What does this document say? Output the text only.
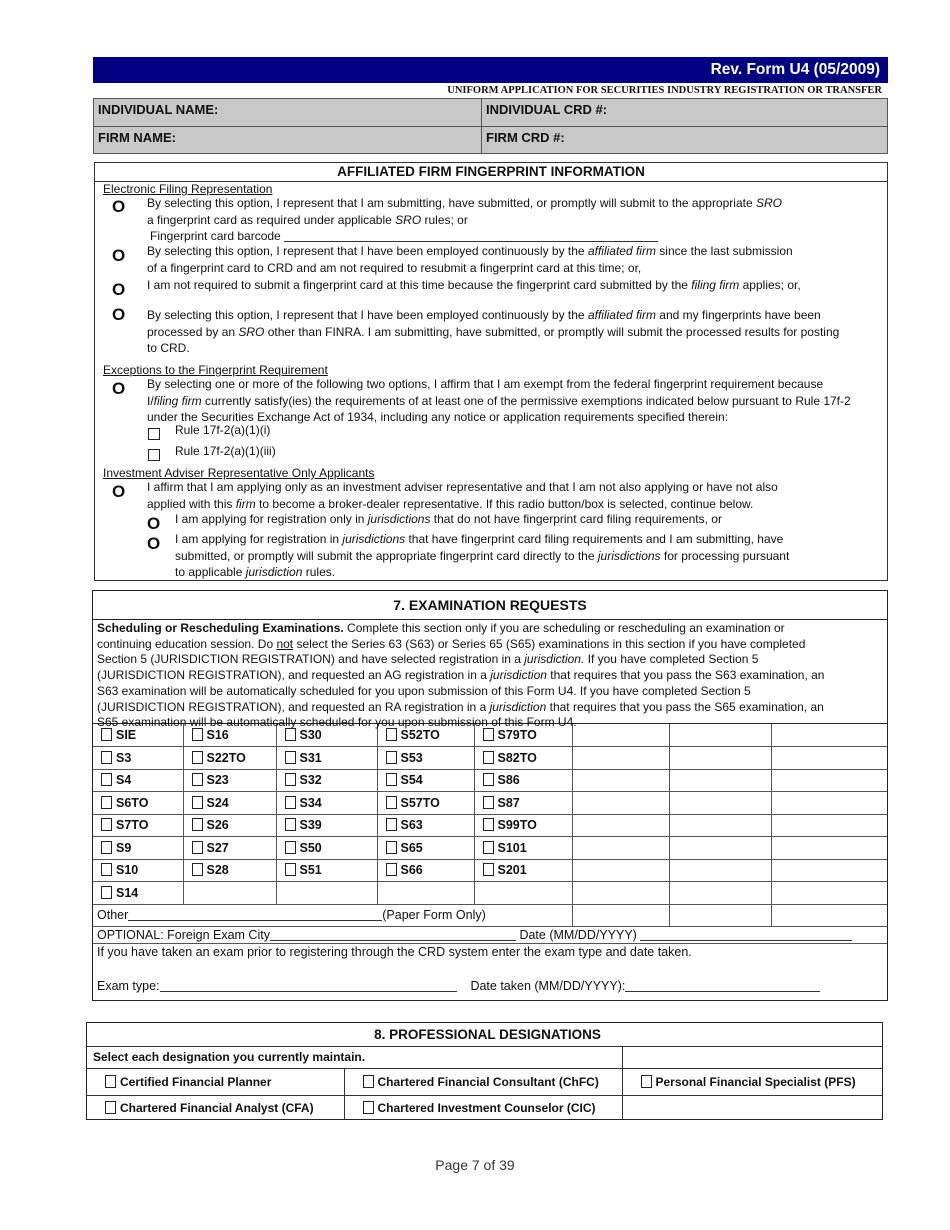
Rev. Form U4 (05/2009)
UNIFORM APPLICATION FOR SECURITIES INDUSTRY REGISTRATION OR TRANSFER
INDIVIDUAL NAME:	INDIVIDUAL CRD #:
FIRM NAME:	FIRM CRD #:
AFFILIATED FIRM FINGERPRINT INFORMATION
Electronic Filing Representation
O By selecting this option, I represent that I am submitting, have submitted, or promptly will submit to the appropriate SRO
a fingerprint card as required under applicable SRO rules; or
Fingerprint card barcode
O By selecting this option, I represent that I have been employed continuously by the affiliated firm since the last submission
of a fingerprint card to CRD and am not required to resubmit a fingerprint card at this time; or,
O I am not required to submit a fingerprint card at this time because the fingerprint card submitted by the filing firm applies; or,
O By selecting this option, I represent that I have been employed continuously by the affiliated firm and my fingerprints have been
processed by an SRO other than FINRA. I am submitting, have submitted, or promptly will submit the processed results for posting
to CRD.
Exceptions to the Fingerprint Requirement
O By selecting one or more of the following two options, I affirm that I am exempt from the federal fingerprint requirement because
I/filing firm currently satisfy(ies) the requirements of at least one of the permissive exemptions indicated below pursuant to Rule 17f-2
under the Securities Exchange Act of 1934, including any notice or application requirements specified therein:
Rule 17f-2(a)(1)(i)
Rule 17f-2(a)(1)(iii)
Investment Adviser Representative Only Applicants
O I affirm that I am applying only as an investment adviser representative and that I am not also applying or have not also
applied with this firm to become a broker-dealer representative. If this radio button/box is selected, continue below.
O I am applying for registration only in jurisdictions that do not have fingerprint card filing requirements, or
O I am applying for registration in jurisdictions that have fingerprint card filing requirements and I am submitting, have
submitted, or promptly will submit the appropriate fingerprint card directly to the jurisdictions for processing pursuant
to applicable jurisdiction rules.
7. EXAMINATION REQUESTS
Scheduling or Rescheduling Examinations. Complete this section only if you are scheduling or rescheduling an examination or
continuing education session. Do not select the Series 63 (S63) or Series 65 (S65) examinations in this section if you have completed
Section 5 (JURISDICTION REGISTRATION) and have selected registration in a jurisdiction. If you have completed Section 5
(JURISDICTION REGISTRATION), and requested an AG registration in a jurisdiction that requires that you pass the S63 examination, an
S63 examination will be automatically scheduled for you upon submission of this Form U4. If you have completed Section 5
(JURISDICTION REGISTRATION), and requested an RA registration in a jurisdiction that requires that you pass the S65 examination, an
S65 examination will be automatically scheduled for you upon submission of this Form U4.
SIE	S16	S30	S52TO	S79TO			
S3	S22TO	S31	S53	S82TO			
S4	S23	S32	S54	S86			
S6TO	S24	S34	S57TO	S87			
S7TO	S26	S39	S63	S99TO			
S9	S27	S50	S65	S101			
S10	S28	S51	S66	S201			
S14							
Other (Paper Form Only)							
OPTIONAL: Foreign Exam City Date (MM/DD/YYYY)							

If you have taken an exam prior to registering through the CRD system enter the exam type and date taken.
Exam type: Date taken (MM/DD/YYYY):							
8. PROFESSIONAL DESIGNATIONS		
Select each designation you currently maintain.		
Certified Financial Planner	Chartered Financial Consultant (ChFC)	Personal Financial Specialist (PFS)
Chartered Financial Analyst (CFA)	Chartered Investment Counselor (CIC)	
Page 7 of 39
